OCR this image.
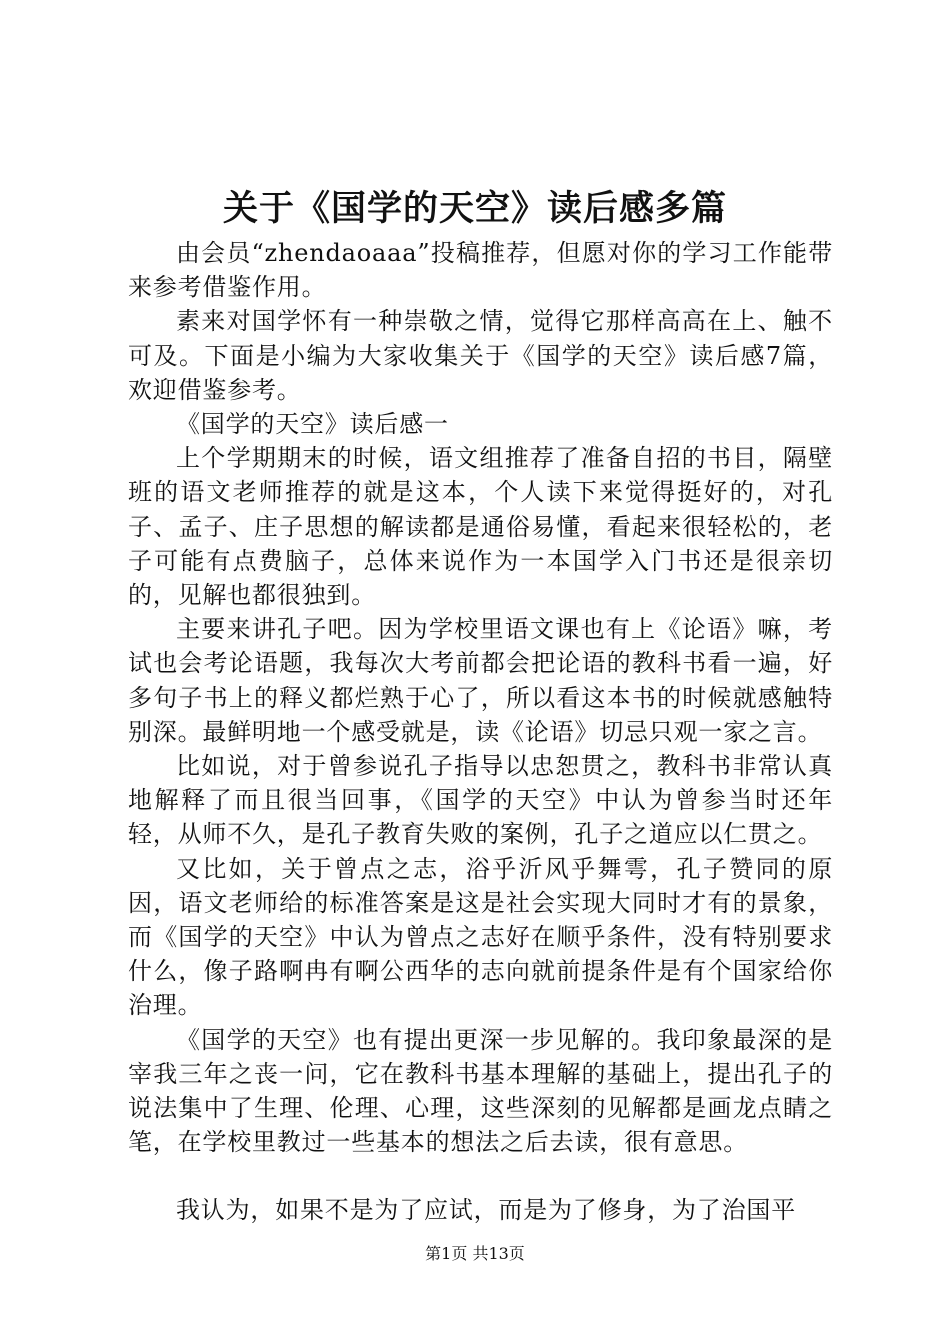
关于《国学的天空》读后感多篇

由会员“zhendaoaaa”投稿推荐，但愿对你的学习工作能带来参考借鉴作用。

素来对国学怀有一种崇敬之情，觉得它那样高高在上、触不可及。下面是小编为大家收集关于《国学的天空》读后感7篇，欢迎借鉴参考。

《国学的天空》读后感一

上个学期期末的时候，语文组推荐了准备自招的书目，隔壁班的语文老师推荐的就是这本，个人读下来觉得挺好的，对孔子、孟子、庄子思想的解读都是通俗易懂，看起来很轻松的，老子可能有点费脑子，总体来说作为一本国学入门书还是很亲切的，见解也都很独到。

主要来讲孔子吧。因为学校里语文课也有上《论语》嘛，考试也会考论语题，我每次大考前都会把论语的教科书看一遍，好多句子书上的释义都烂熟于心了，所以看这本书的时候就感触特别深。最鲜明地一个感受就是，读《论语》切忌只观一家之言。

比如说，对于曾参说孔子指导以忠恕贯之，教科书非常认真地解释了而且很当回事，《国学的天空》中认为曾参当时还年轻，从师不久，是孔子教育失败的案例，孔子之道应以仁贯之。

又比如，关于曾点之志，浴乎沂风乎舞雩，孔子赞同的原因，语文老师给的标准答案是这是社会实现大同时才有的景象，而《国学的天空》中认为曾点之志好在顺乎条件，没有特别要求什么，像子路啊冉有啊公西华的志向就前提条件是有个国家给你治理。

《国学的天空》也有提出更深一步见解的。我印象最深的是宰我三年之丧一问，它在教科书基本理解的基础上，提出孔子的说法集中了生理、伦理、心理，这些深刻的见解都是画龙点睛之笔，在学校里教过一些基本的想法之后去读，很有意思。

我认为，如果不是为了应试，而是为了修身，为了治国平

第1页 共13页
